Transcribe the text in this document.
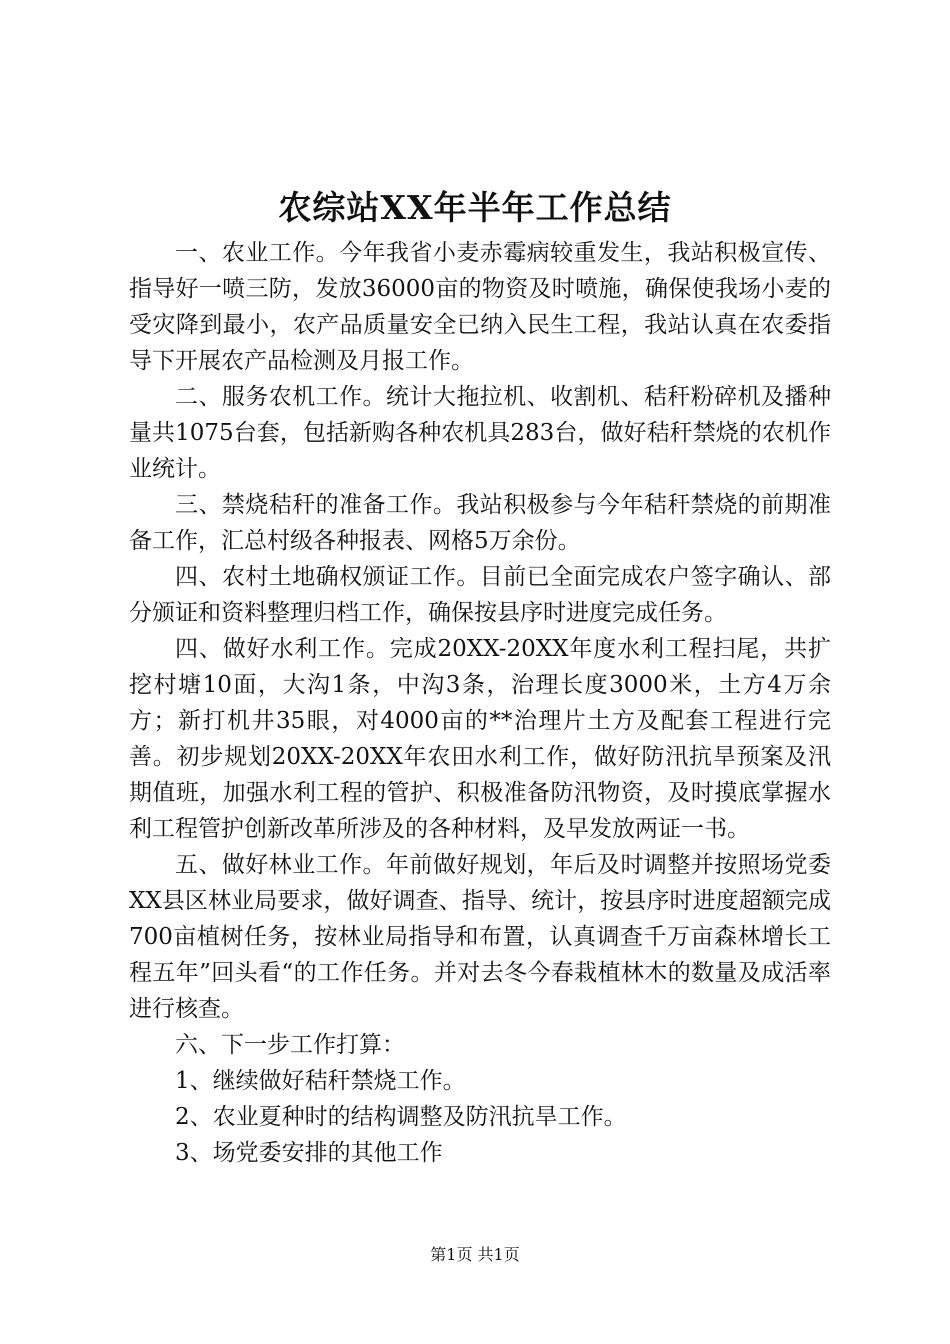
农综站XX年半年工作总结

一、农业工作。今年我省小麦赤霉病较重发生，我站积极宣传、指导好一喷三防，发放36000亩的物资及时喷施，确保使我场小麦的受灾降到最小，农产品质量安全已纳入民生工程，我站认真在农委指导下开展农产品检测及月报工作。

二、服务农机工作。统计大拖拉机、收割机、秸秆粉碎机及播种量共1075台套，包括新购各种农机具283台，做好秸秆禁烧的农机作业统计。

三、禁烧秸秆的准备工作。我站积极参与今年秸秆禁烧的前期准备工作，汇总村级各种报表、网格5万余份。

四、农村土地确权颁证工作。目前已全面完成农户签字确认、部分颁证和资料整理归档工作，确保按县序时进度完成任务。

四、做好水利工作。完成20XX-20XX年度水利工程扫尾，共扩挖村塘10面，大沟1条，中沟3条，治理长度3000米，土方4万余方；新打机井35眼，对4000亩的**治理片土方及配套工程进行完善。初步规划20XX-20XX年农田水利工作，做好防汛抗旱预案及汛期值班，加强水利工程的管护、积极准备防汛物资，及时摸底掌握水利工程管护创新改革所涉及的各种材料，及早发放两证一书。

五、做好林业工作。年前做好规划，年后及时调整并按照场党委XX县区林业局要求，做好调查、指导、统计，按县序时进度超额完成700亩植树任务，按林业局指导和布置，认真调查千万亩森林增长工程五年”回头看“的工作任务。并对去冬今春栽植林木的数量及成活率进行核查。

六、下一步工作打算：

1、继续做好秸秆禁烧工作。

2、农业夏种时的结构调整及防汛抗旱工作。

3、场党委安排的其他工作

第1页 共1页
